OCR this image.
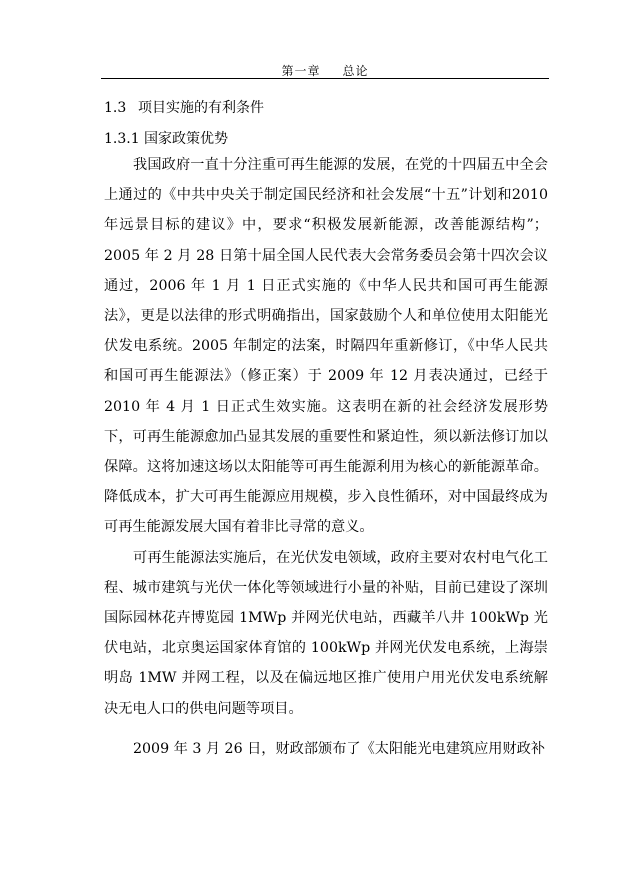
第一章 总论
1.3 项目实施的有利条件
1.3.1 国家政策优势

我国政府一直十分注重可再生能源的发展，在党的十四届五中全会上通过的《中共中央关于制定国民经济和社会发展“十五”计划和2010 年远景目标的建议》中，要求“积极发展新能源，改善能源结构”；2005 年 2 月 28 日第十届全国人民代表大会常务委员会第十四次会议通过，2006 年 1 月 1 日正式实施的《中华人民共和国可再生能源法》，更是以法律的形式明确指出，国家鼓励个人和单位使用太阳能光伏发电系统。2005 年制定的法案，时隔四年重新修订，《中华人民共和国可再生能源法》（修正案）于 2009 年 12 月表决通过，已经于 2010 年 4 月 1 日正式生效实施。这表明在新的社会经济发展形势下，可再生能源愈加凸显其发展的重要性和紧迫性，须以新法修订加以保障。这将加速这场以太阳能等可再生能源利用为核心的新能源革命。降低成本，扩大可再生能源应用规模，步入良性循环，对中国最终成为可再生能源发展大国有着非比寻常的意义。

可再生能源法实施后，在光伏发电领域，政府主要对农村电气化工程、城市建筑与光伏一体化等领域进行小量的补贴，目前已建设了深圳国际园林花卉博览园 1MWp 并网光伏电站，西藏羊八井 100kWp 光伏电站，北京奥运国家体育馆的 100kWp 并网光伏发电系统，上海崇明岛 1MW 并网工程，以及在偏远地区推广使用户用光伏发电系统解决无电人口的供电问题等项目。

2009 年 3 月 26 日，财政部颁布了《太阳能光电建筑应用财政补
